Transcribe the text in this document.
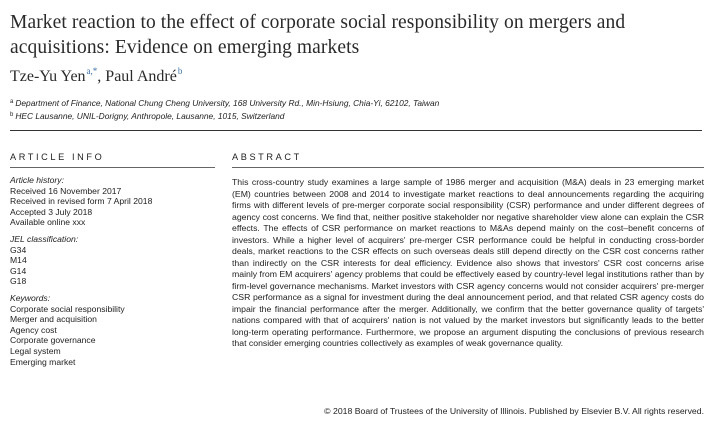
Market reaction to the effect of corporate social responsibility on mergers and acquisitions: Evidence on emerging markets
Tze-Yu Yen$^{a,*}$, Paul André$^b$
$^a$ Department of Finance, National Chung Cheng University, 168 University Rd., Min-Hsiung, Chia-Yi, 62102, Taiwan
$^b$ HEC Lausanne, UNIL-Dorigny, Anthropole, Lausanne, 1015, Switzerland
ARTICLE INFO	ABSTRACT
Article history:
Received 16 November 2017
Received in revised form 7 April 2018
Accepted 3 July 2018
Available online xxx
JEL classification:
G34
M14
G14
G18
Keywords:
Corporate social responsibility
Merger and acquisition
Agency cost
Corporate governance
Legal system
Emerging market
This cross-country study examines a large sample of 1986 merger and acquisition (M&A) deals in 23 emerging market (EM) countries between 2008 and 2014 to investigate market reactions to deal announcements regarding the acquiring firms with different levels of pre-merger corporate social responsibility (CSR) performance and under different degrees of agency cost concerns. We find that, neither positive stakeholder nor negative shareholder view alone can explain the CSR effects. The effects of CSR performance on market reactions to M&As depend mainly on the cost–benefit concerns of investors. While a higher level of acquirers' pre-merger CSR performance could be helpful in conducting cross-border deals, market reactions to the CSR effects on such overseas deals still depend directly on the CSR cost concerns rather than indirectly on the CSR interests for deal efficiency. Evidence also shows that investors' CSR cost concerns arise mainly from EM acquirers' agency problems that could be effectively eased by country-level legal institutions rather than by firm-level governance mechanisms. Market investors with CSR agency concerns would not consider acquirers' pre-merger CSR performance as a signal for investment during the deal announcement period, and that related CSR agency costs do impair the financial performance after the merger. Additionally, we confirm that the better governance quality of targets' nations compared with that of acquirers' nation is not valued by the market investors but significantly leads to the better long-term operating performance. Furthermore, we propose an argument disputing the conclusions of previous research that consider emerging countries collectively as examples of weak governance quality.
© 2018 Board of Trustees of the University of Illinois. Published by Elsevier B.V. All rights reserved.
